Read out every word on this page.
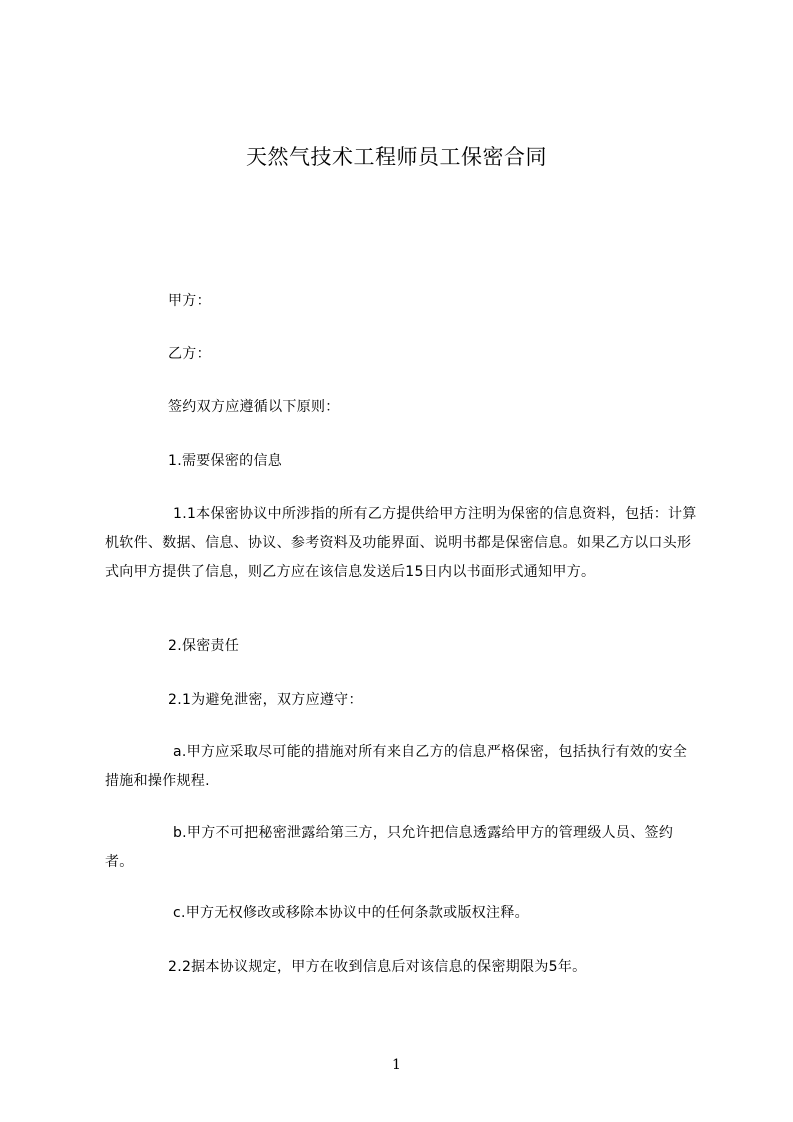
天然气技术工程师员工保密合同
甲方：
乙方：
签约双方应遵循以下原则：
1.需要保密的信息
1.1本保密协议中所涉指的所有乙方提供给甲方注明为保密的信息资料，包括：计算机软件、数据、信息、协议、参考资料及功能界面、说明书都是保密信息。如果乙方以口头形式向甲方提供了信息，则乙方应在该信息发送后15日内以书面形式通知甲方。
2.保密责任
2.1为避免泄密，双方应遵守：
a.甲方应采取尽可能的措施对所有来自乙方的信息严格保密，包括执行有效的安全措施和操作规程.
b.甲方不可把秘密泄露给第三方，只允许把信息透露给甲方的管理级人员、签约者。
c.甲方无权修改或移除本协议中的任何条款或版权注释。
2.2据本协议规定，甲方在收到信息后对该信息的保密期限为5年。
1
